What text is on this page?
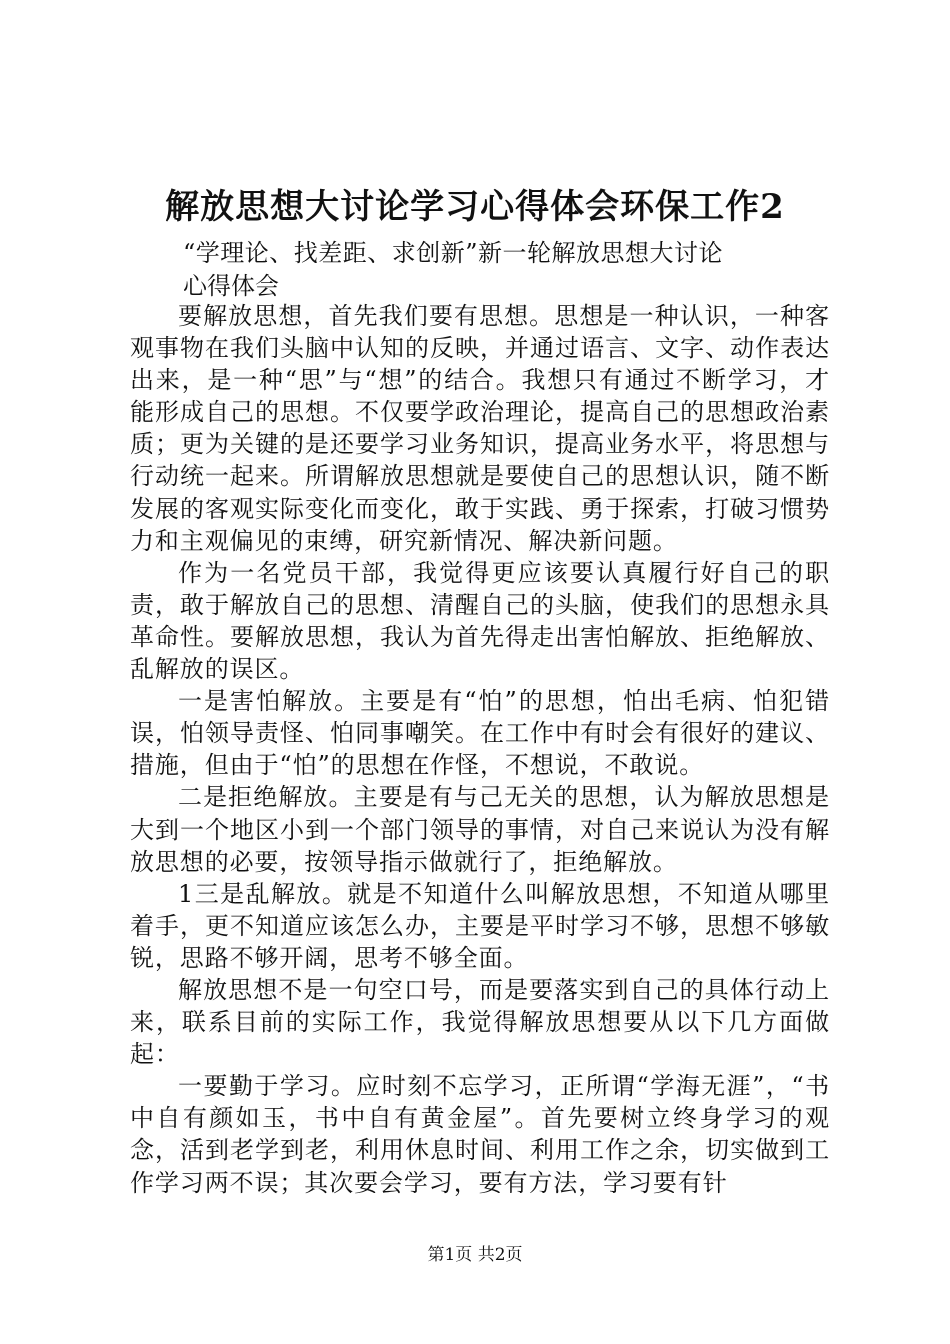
解放思想大讨论学习心得体会环保工作2
“学理论、找差距、求创新”新一轮解放思想大讨论
心得体会

要解放思想，首先我们要有思想。思想是一种认识，一种客观事物在我们头脑中认知的反映，并通过语言、文字、动作表达出来，是一种“思”与“想”的结合。我想只有通过不断学习，才能形成自己的思想。不仅要学政治理论，提高自己的思想政治素质；更为关键的是还要学习业务知识，提高业务水平，将思想与行动统一起来。所谓解放思想就是要使自己的思想认识，随不断发展的客观实际变化而变化，敢于实践、勇于探索，打破习惯势力和主观偏见的束缚，研究新情况、解决新问题。

作为一名党员干部，我觉得更应该要认真履行好自己的职责，敢于解放自己的思想、清醒自己的头脑，使我们的思想永具革命性。要解放思想，我认为首先得走出害怕解放、拒绝解放、乱解放的误区。

一是害怕解放。主要是有“怕”的思想，怕出毛病、怕犯错误，怕领导责怪、怕同事嘲笑。在工作中有时会有很好的建议、措施，但由于“怕”的思想在作怪，不想说，不敢说。

二是拒绝解放。主要是有与己无关的思想，认为解放思想是大到一个地区小到一个部门领导的事情，对自己来说认为没有解放思想的必要，按领导指示做就行了，拒绝解放。

1三是乱解放。就是不知道什么叫解放思想，不知道从哪里着手，更不知道应该怎么办，主要是平时学习不够，思想不够敏锐，思路不够开阔，思考不够全面。

解放思想不是一句空口号，而是要落实到自己的具体行动上来，联系目前的实际工作，我觉得解放思想要从以下几方面做起：

一要勤于学习。应时刻不忘学习，正所谓“学海无涯”，“书中自有颜如玉，书中自有黄金屋”。首先要树立终身学习的观念，活到老学到老，利用休息时间、利用工作之余，切实做到工作学习两不误；其次要会学习，要有方法，学习要有针

第1页 共2页
